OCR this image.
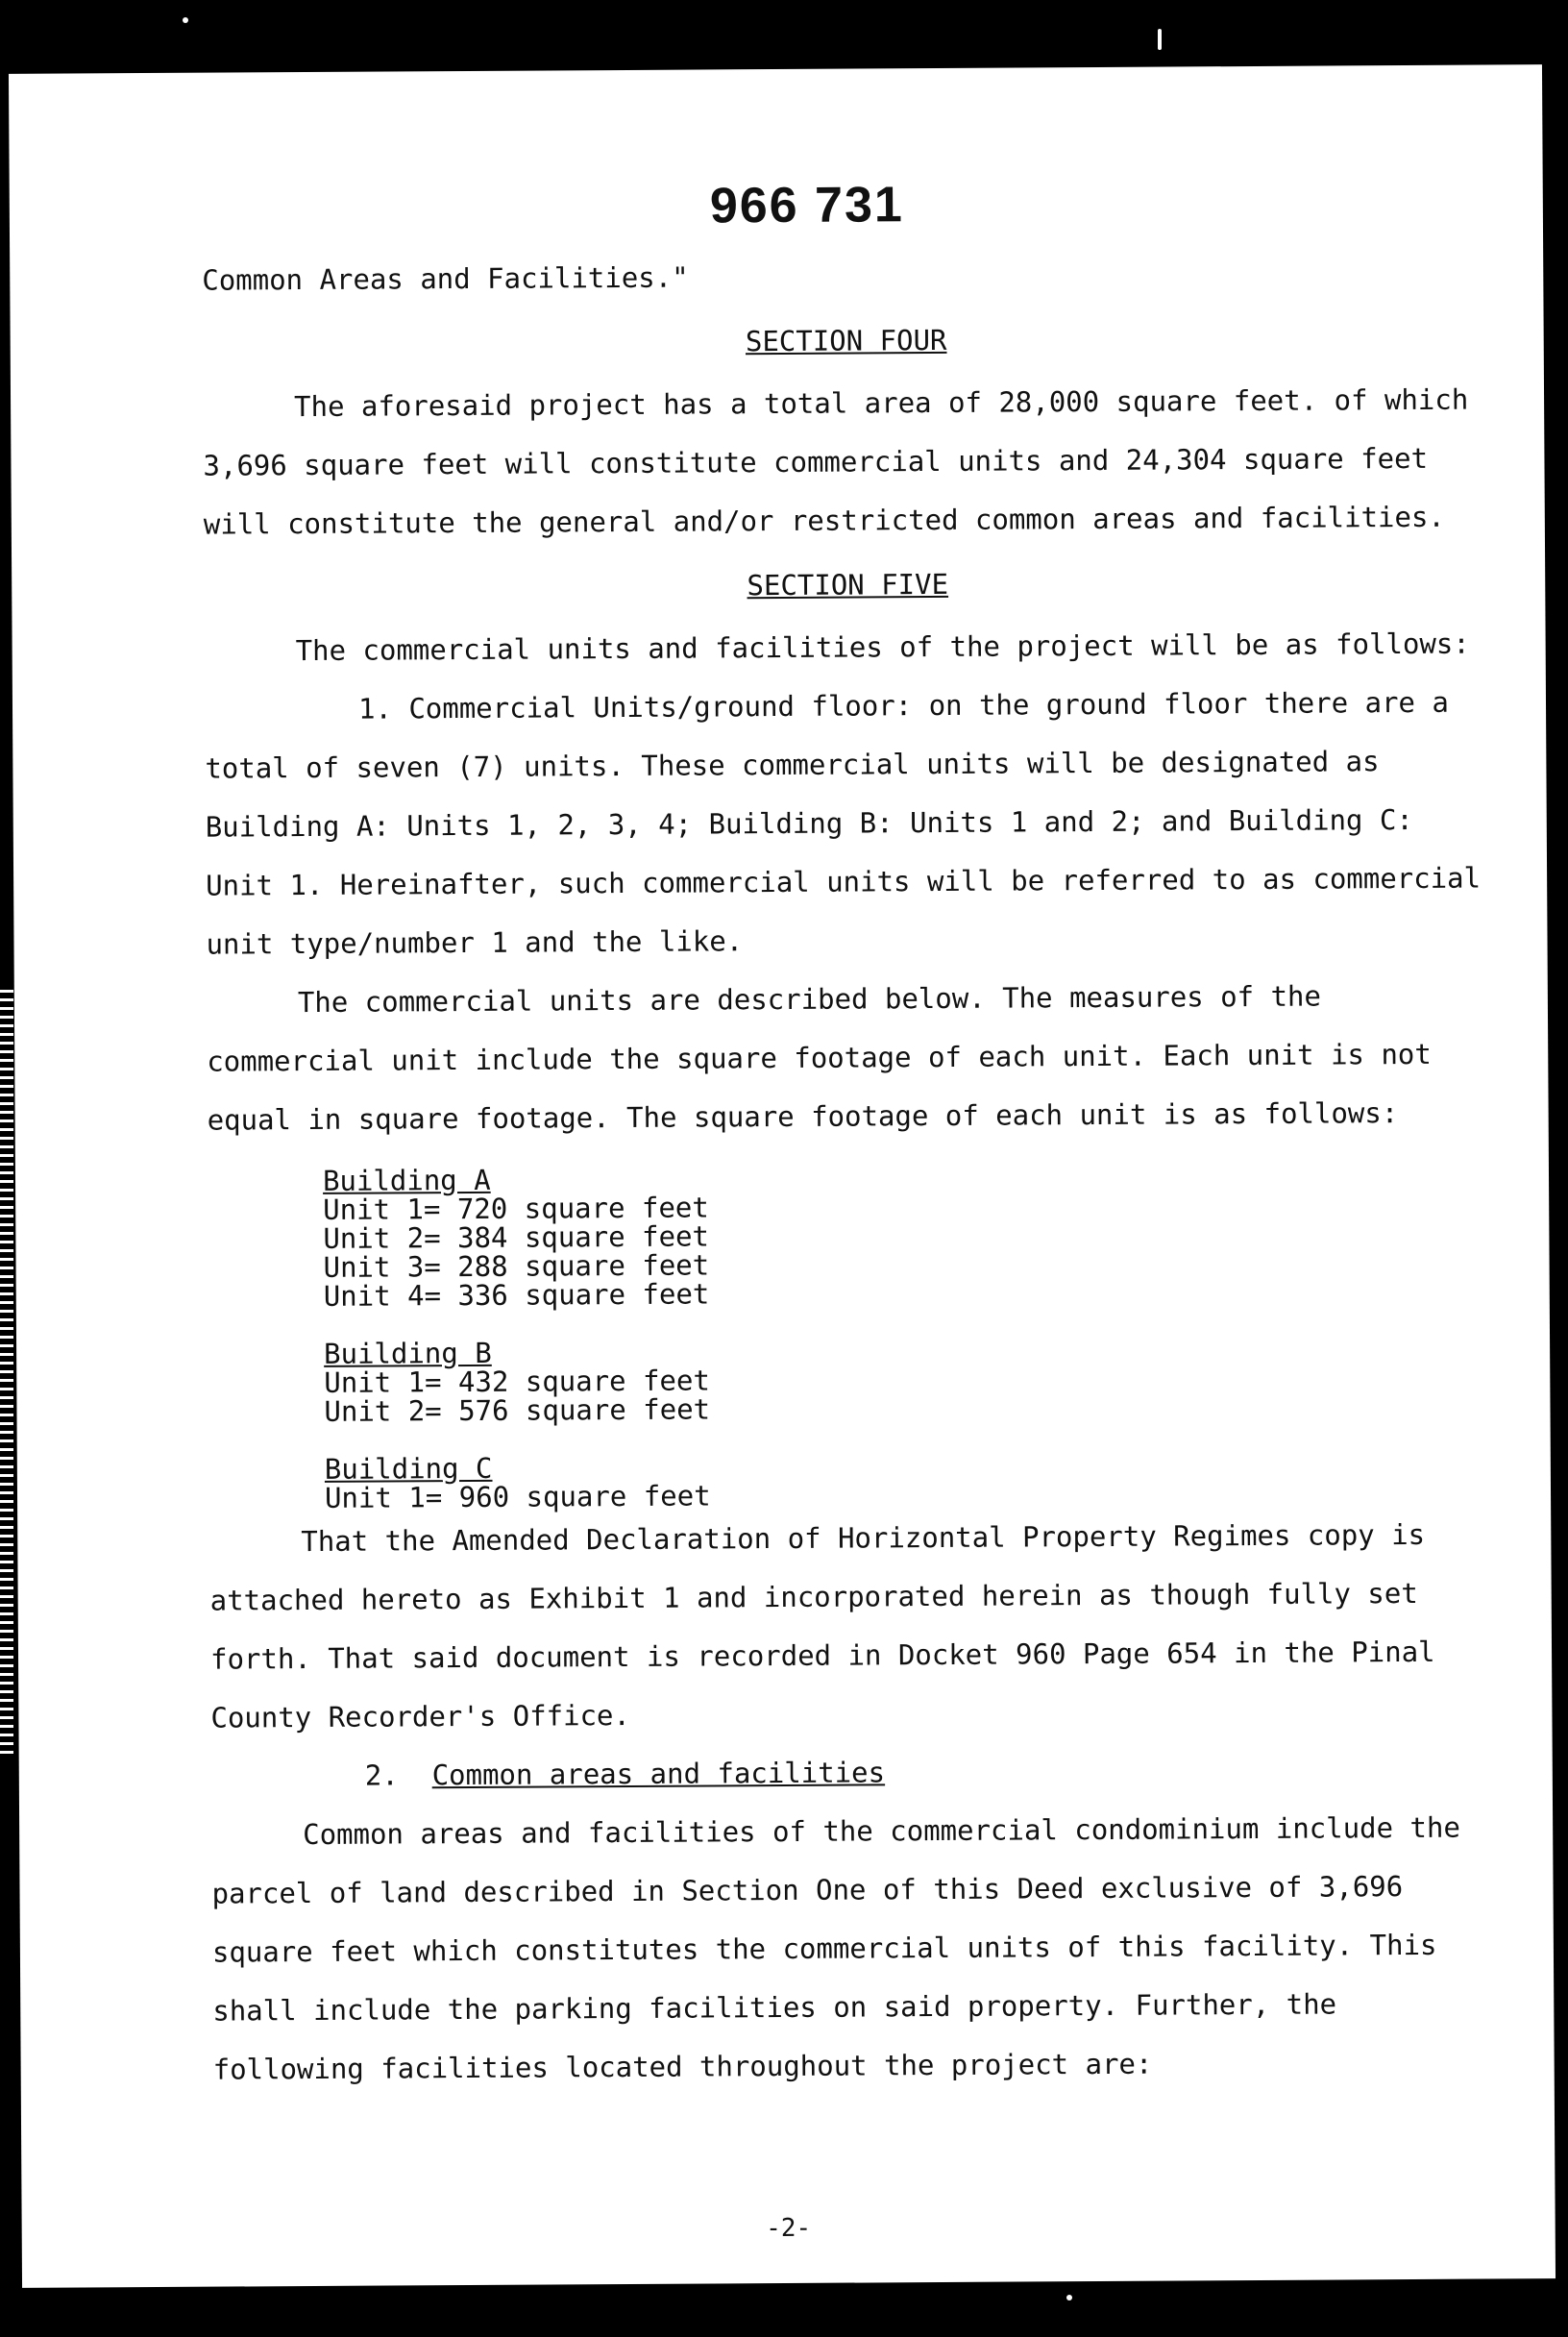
966 731

Common Areas and Facilities."

SECTION FOUR

The aforesaid project has a total area of 28,000 square feet. of which 3,696 square feet will constitute commercial units and 24,304 square feet will constitute the general and/or restricted common areas and facilities.

SECTION FIVE

The commercial units and facilities of the project will be as follows:

1. Commercial Units/ground floor: on the ground floor there are a total of seven (7) units. These commercial units will be designated as Building A: Units 1, 2, 3, 4; Building B: Units 1 and 2; and Building C: Unit 1. Hereinafter, such commercial units will be referred to as commercial unit type/number 1 and the like.

The commercial units are described below. The measures of the commercial unit include the square footage of each unit. Each unit is not equal in square footage. The square footage of each unit is as follows:

Building A

Unit 1= 720 square feet

Unit 2= 384 square feet

Unit 3= 288 square feet

Unit 4= 336 square feet

Building B

Unit 1= 432 square feet

Unit 2= 576 square feet

Building C

Unit 1= 960 square feet

That the Amended Declaration of Horizontal Property Regimes copy is attached hereto as Exhibit 1 and incorporated herein as though fully set forth. That said document is recorded in Docket 960 Page 654 in the Pinal County Recorder's Office.

2. Common areas and facilities

Common areas and facilities of the commercial condominium include the parcel of land described in Section One of this Deed exclusive of 3,696 square feet which constitutes the commercial units of this facility. This shall include the parking facilities on said property. Further, the following facilities located throughout the project are:

-2-
